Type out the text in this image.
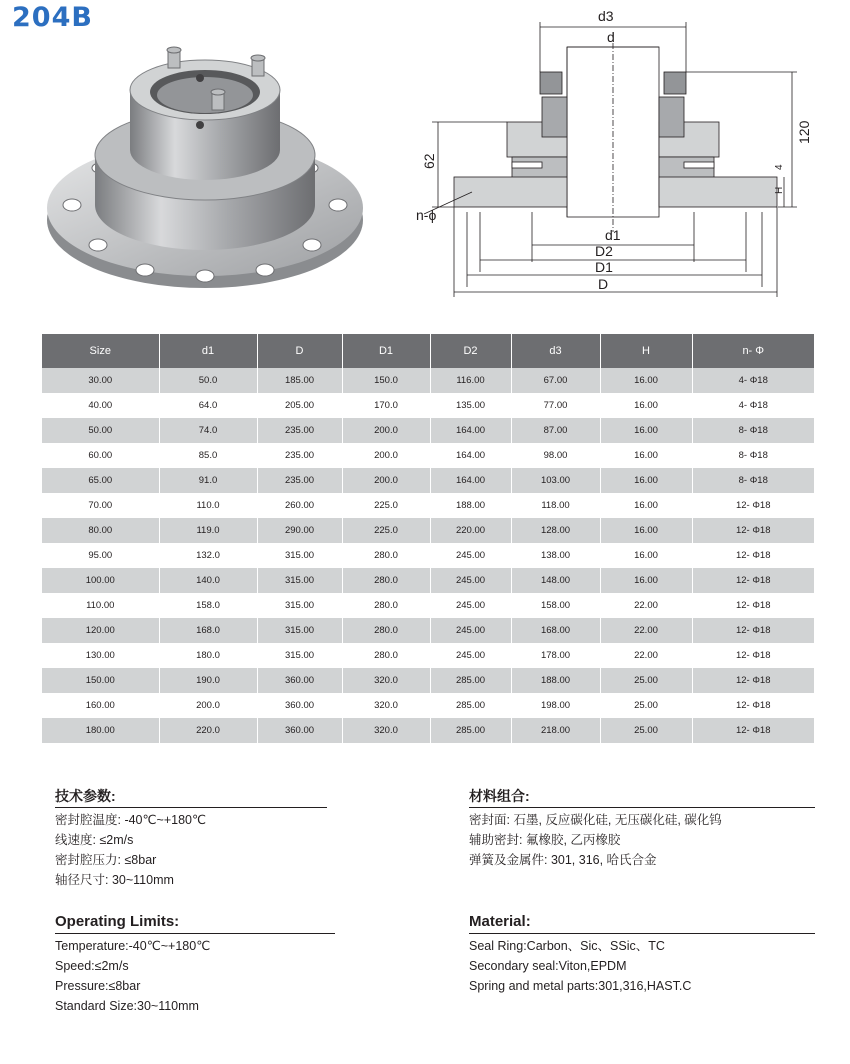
204B	d3
d
d1
D2
D1
D
62
120
4
H
n-ϕ
Size	d1	D	D1	D2	d3	H	n- Φ
30.00	50.0	185.00	150.0	116.00	67.00	16.00	4- Φ18
40.00	64.0	205.00	170.0	135.00	77.00	16.00	4- Φ18
50.00	74.0	235.00	200.0	164.00	87.00	16.00	8- Φ18
60.00	85.0	235.00	200.0	164.00	98.00	16.00	8- Φ18
65.00	91.0	235.00	200.0	164.00	103.00	16.00	8- Φ18
70.00	110.0	260.00	225.0	188.00	118.00	16.00	12- Φ18
80.00	119.0	290.00	225.0	220.00	128.00	16.00	12- Φ18
95.00	132.0	315.00	280.0	245.00	138.00	16.00	12- Φ18
100.00	140.0	315.00	280.0	245.00	148.00	16.00	12- Φ18
110.00	158.0	315.00	280.0	245.00	158.00	22.00	12- Φ18
120.00	168.0	315.00	280.0	245.00	168.00	22.00	12- Φ18
130.00	180.0	315.00	280.0	245.00	178.00	22.00	12- Φ18
150.00	190.0	360.00	320.0	285.00	188.00	25.00	12- Φ18
160.00	200.0	360.00	320.0	285.00	198.00	25.00	12- Φ18
180.00	220.0	360.00	320.0	285.00	218.00	25.00	12- Φ18
技术参数:
密封腔温度: -40℃~+180℃
线速度: ≤2m/s
密封腔压力: ≤8bar
轴径尺寸: 30~110mm
材料组合:
密封面: 石墨, 反应碳化硅, 无压碳化硅, 碳化钨
辅助密封: 氟橡胶, 乙丙橡胶
弹簧及金属件: 301, 316, 哈氏合金
Operating Limits:
Temperature:-40℃~+180℃
Speed:≤2m/s
Pressure:≤8bar
Standard Size:30~110mm
Material:
Seal Ring:Carbon、Sic、SSic、TC
Secondary seal:Viton,EPDM
Spring and metal parts:301,316,HAST.C
